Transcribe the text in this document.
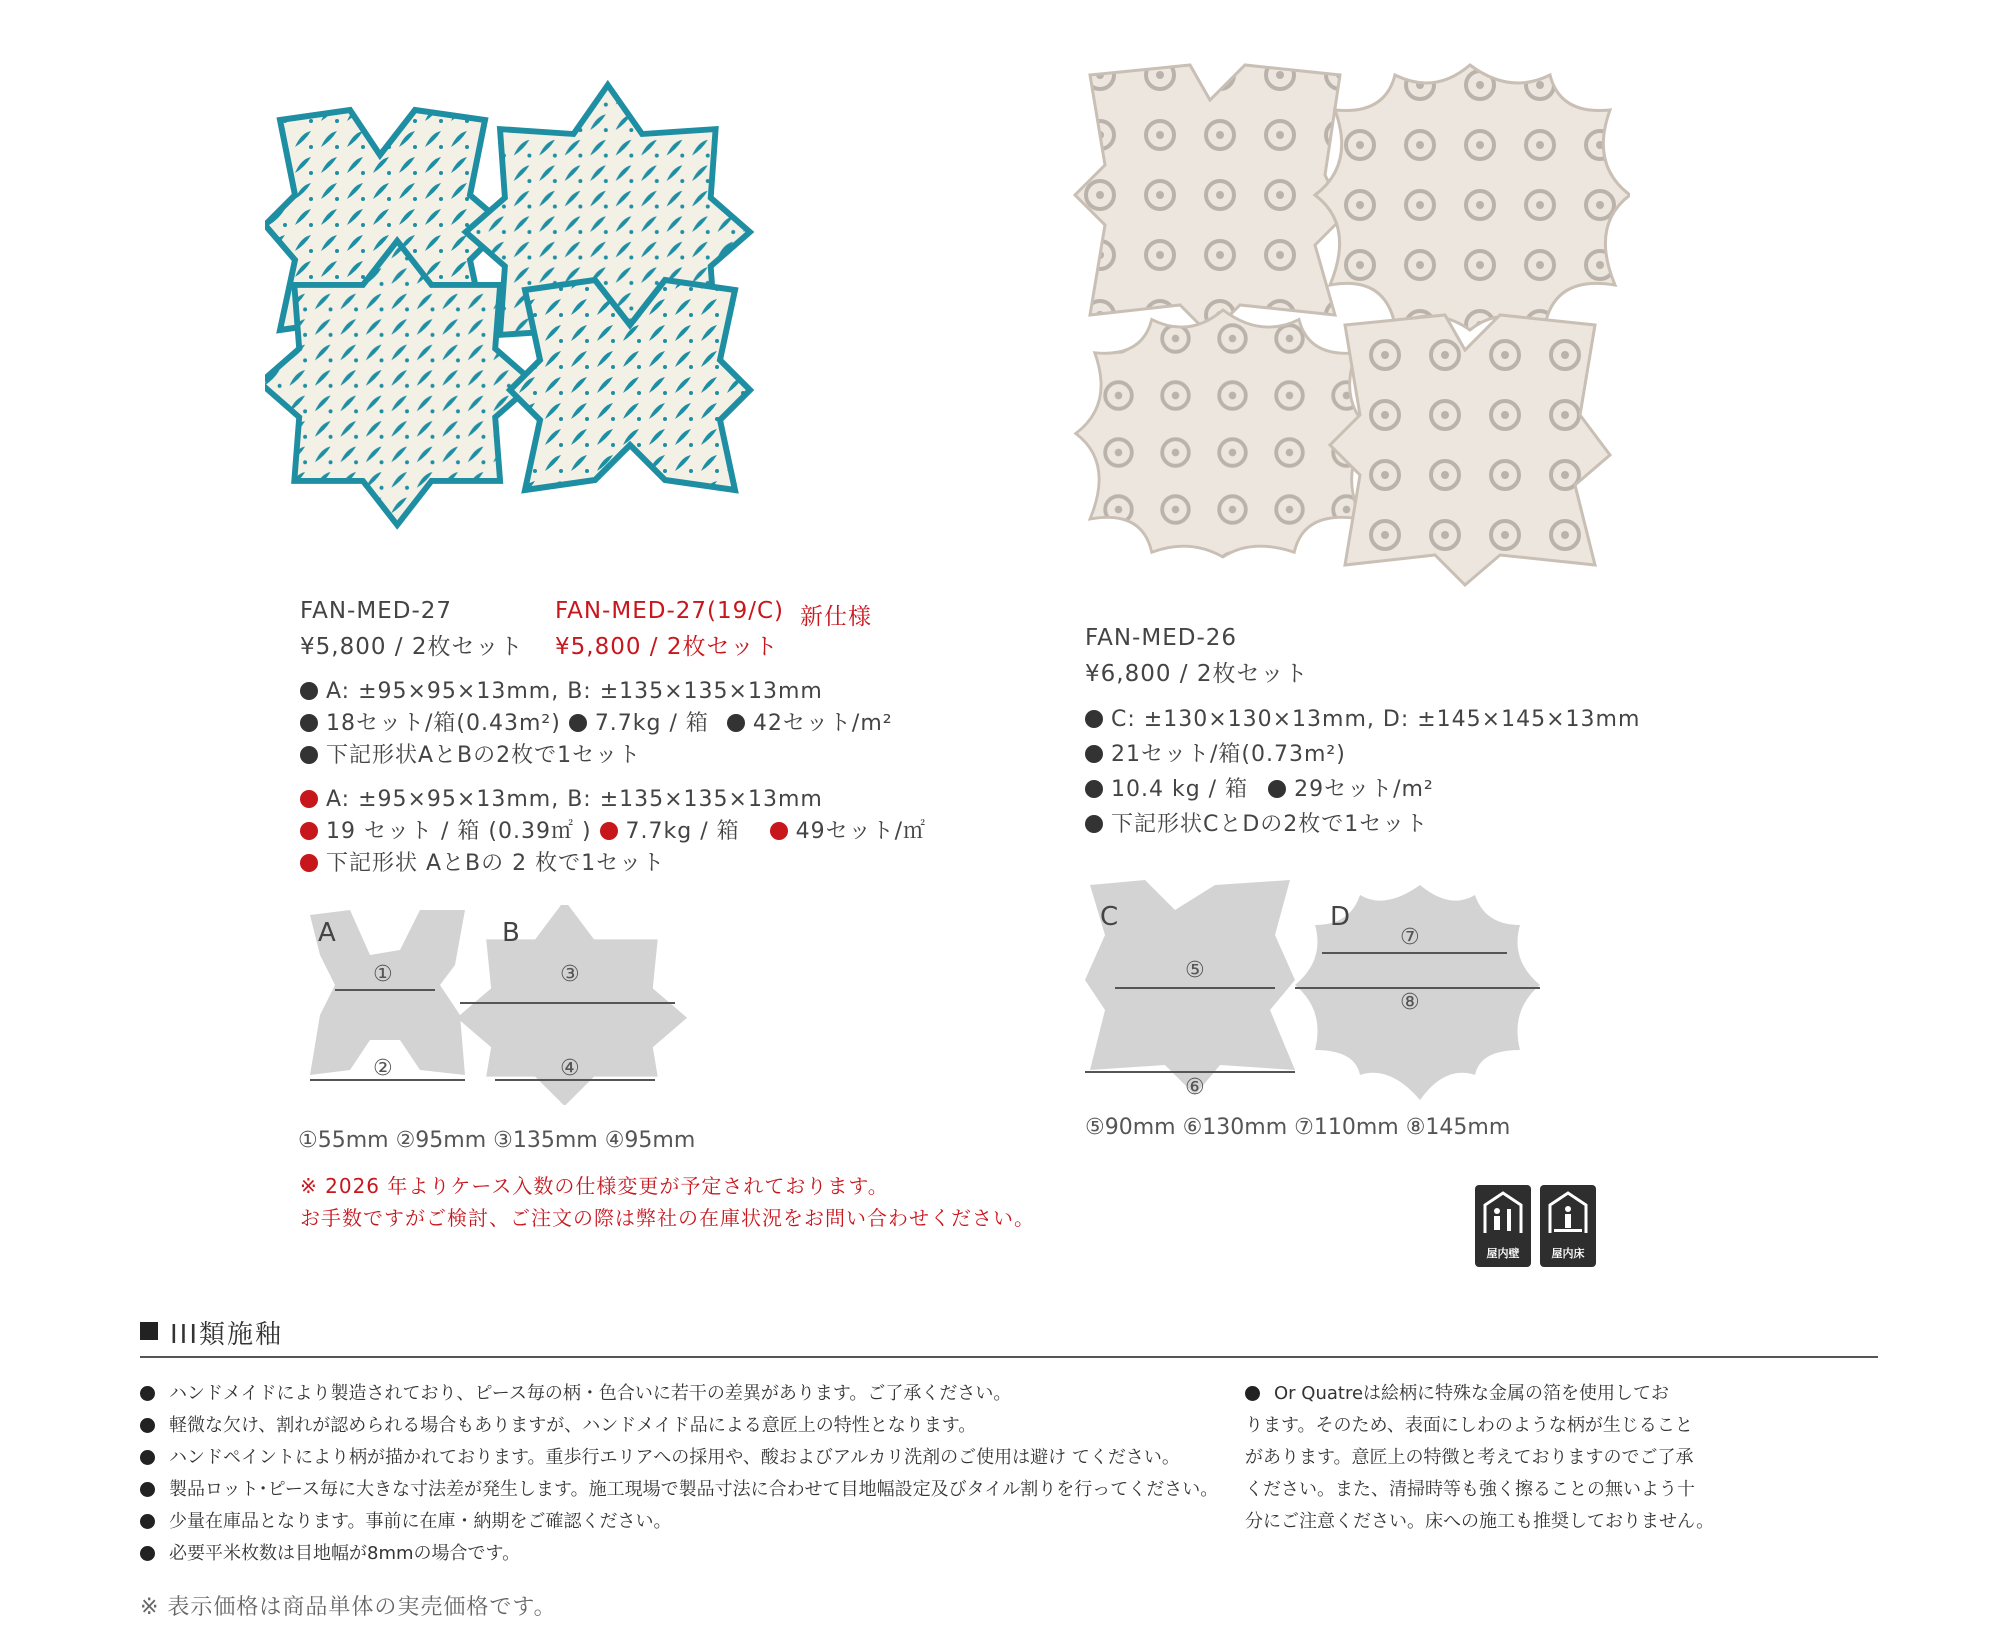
FAN-MED-27
¥5,800 / 2枚セット
FAN-MED-27(19/C) 新仕様
¥5,800 / 2枚セット
A: ±95×95×13mm, B: ±135×135×13mm
18セット/箱(0.43m²) 7.7kg / 箱 42セット/m²
下記形状AとBの2枚で1セット
A: ±95×95×13mm, B: ±135×135×13mm
19 セット / 箱 (0.39㎡ ) 7.7kg / 箱	49セット/㎡
下記形状 AとBの 2 枚で1セット
A	B
①
②
③
④
①55mm ②95mm ③135mm ④95mm
※ 2026 年よりケース入数の仕様変更が予定されております。
お手数ですがご検討、ご注文の際は弊社の在庫状況をお問い合わせください。
FAN-MED-26
¥6,800 / 2枚セット
C: ±130×130×13mm, D: ±145×145×13mm
21セット/箱(0.73m²)
10.4 kg / 箱 29セット/m²
下記形状CとDの2枚で1セット
C	D
⑤
⑥
⑦
⑧
⑤90mm ⑥130mm ⑦110mm ⑧145mm
屋内壁	屋内床
III類施釉
ハンドメイドにより製造されており、ピース毎の柄・色合いに若干の差異があります。ご了承ください。
軽微な欠け、割れが認められる場合もありますが、ハンドメイド品による意匠上の特性となります。
ハンドペイントにより柄が描かれております。重歩行エリアへの採用や、酸およびアルカリ洗剤のご使用は避け てください。
製品ロット･ピース毎に大きな寸法差が発生します。施工現場で製品寸法に合わせて目地幅設定及びタイル割りを行ってください。
少量在庫品となります。事前に在庫・納期をご確認ください。
必要平米枚数は目地幅が8mmの場合です。
Or Quatreは絵柄に特殊な金属の箔を使用してお
ります。そのため、表面にしわのような柄が生じること
があります。意匠上の特徴と考えておりますのでご了承
ください。また、清掃時等も強く擦ることの無いよう十
分にご注意ください。床への施工も推奨しておりません。
※ 表示価格は商品単体の実売価格です。
